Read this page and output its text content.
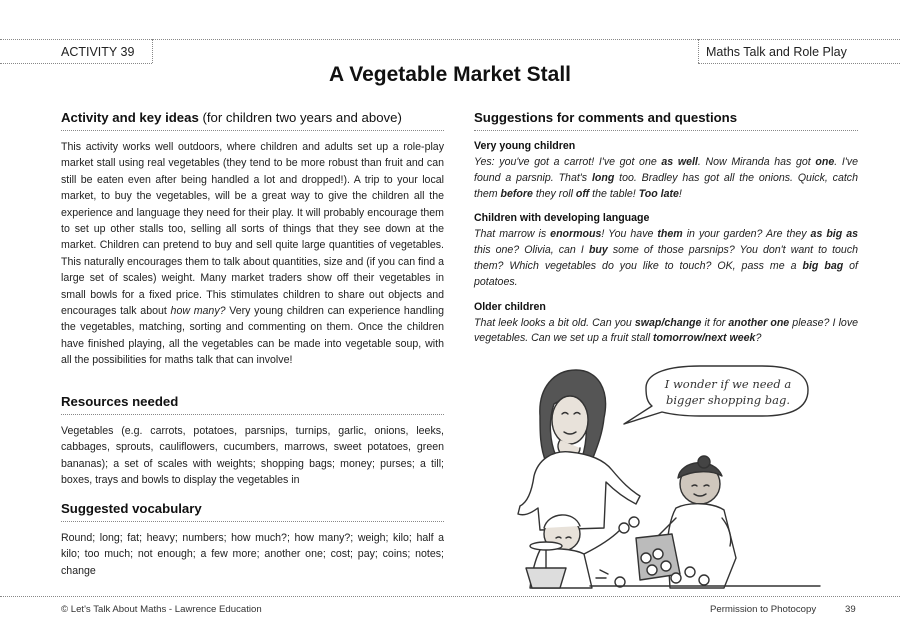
ACTIVITY 39	Maths Talk and Role Play
A Vegetable Market Stall
Activity and key ideas (for children two years and above)
This activity works well outdoors, where children and adults set up a role-play market stall using real vegetables (they tend to be more robust than fruit and can still be eaten even after being handled a lot and dropped!). A trip to your local market, to buy the vegetables, will be a great way to give the children all the experience and language they need for their play. It will probably encourage them to set up other stalls too, selling all sorts of things that they see down at the market. Children can pretend to buy and sell quite large quantities of vegetables. This naturally encourages them to talk about quantities, size and (if you can find a large set of scales) weight. Many market traders show off their vegetables in small bowls for a fixed price. This stimulates children to share out objects and encourages talk about how many? Very young children can experience handling the vegetables, matching, sorting and commenting on them. Once the children have finished playing, all the vegetables can be made into vegetable soup, with all the possibilities for maths talk that can involve!
Resources needed
Vegetables (e.g. carrots, potatoes, parsnips, turnips, garlic, onions, leeks, cabbages, sprouts, cauliflowers, cucumbers, marrows, sweet potatoes, green bananas); a set of scales with weights; shopping bags; money; purses; a till; boxes, trays and bowls to display the vegetables in
Suggested vocabulary
Round; long; fat; heavy; numbers; how much?; how many?; weigh; kilo; half a kilo; too much; not enough; a few more; another one; cost; pay; coins; notes; change
Suggestions for comments and questions
Very young children
Yes: you've got a carrot! I've got one as well. Now Miranda has got one. I've found a parsnip. That's long too. Bradley has got all the onions. Quick, catch them before they roll off the table! Too late!
Children with developing language
That marrow is enormous! You have them in your garden? Are they as big as this one? Olivia, can I buy some of those parsnips? You don't want to touch them? Which vegetables do you like to touch? OK, pass me a big bag of potatoes.
Older children
That leek looks a bit old. Can you swap/change it for another one please? I love vegetables. Can we set up a fruit stall tomorrow/next week?
I wonder if we need a
bigger shopping bag.
© Let's Talk About Maths - Lawrence Education	Permission to Photocopy	39
